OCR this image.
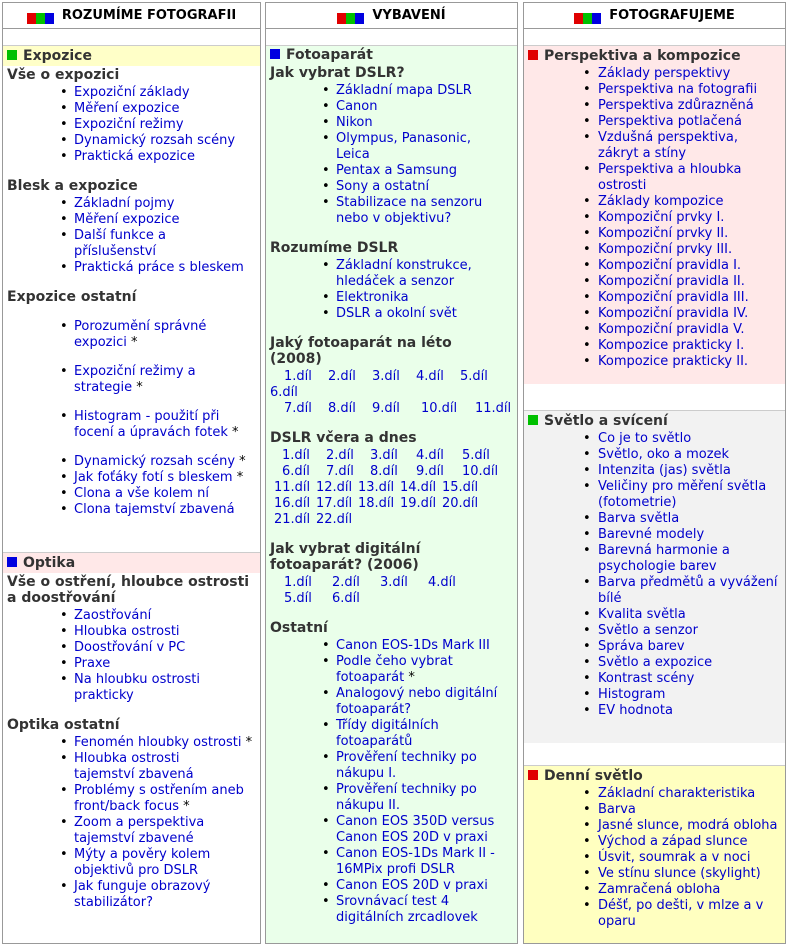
ROZUMÍME FOTOGRAFII
Expozice
Vše o expozici
• Expoziční základy
• Měření expozice
• Expoziční režimy
• Dynamický rozsah scény
• Praktická expozice
Blesk a expozice
• Základní pojmy
• Měření expozice
• Další funkce a příslušenství
• Praktická práce s bleskem
Expozice ostatní
• Porozumění správné expozici *
• Expoziční režimy a strategie *
• Histogram - použití při focení a úpravách fotek *
• Dynamický rozsah scény *
• Jak foťáky fotí s bleskem *
• Clona a vše kolem ní
• Clona tajemství zbavená
Optika
Vše o ostření, hloubce ostrosti a doostřování
• Zaostřování
• Hloubka ostrosti
• Doostřování v PC
• Praxe
• Na hloubku ostrosti prakticky
Optika ostatní
• Fenomén hloubky ostrosti *
• Hloubka ostrosti tajemství zbavená
• Problémy s ostřením aneb front/back focus *
• Zoom a perspektiva tajemství zbavené
• Mýty a pověry kolem objektivů pro DSLR
• Jak funguje obrazový stabilizátor?
VYBAVENÍ
Fotoaparát
Jak vybrat DSLR?
• Základní mapa DSLR
• Canon
• Nikon
• Olympus, Panasonic, Leica
• Pentax a Samsung
• Sony a ostatní
• Stabilizace na senzoru nebo v objektivu?
Rozumíme DSLR
• Základní konstrukce, hledáček a senzor
• Elektronika
• DSLR a okolní svět
Jaký fotoaparát na léto (2008)
1.díl 2.díl 3.díl 4.díl 5.díl
6.díl
7.díl 8.díl 9.díl 10.díl 11.díl
DSLR včera a dnes
1.díl 2.díl 3.díl 4.díl 5.díl
6.díl 7.díl 8.díl 9.díl 10.díl
11.díl 12.díl 13.díl 14.díl 15.díl
16.díl 17.díl 18.díl 19.díl 20.díl
21.díl 22.díl
Jak vybrat digitální fotoaparát? (2006)
1.díl 2.díl 3.díl 4.díl
5.díl 6.díl
Ostatní
• Canon EOS-1Ds Mark III
• Podle čeho vybrat fotoaparát *
• Analogový nebo digitální fotoaparát?
• Třídy digitálních fotoaparátů
• Prověření techniky po nákupu I.
• Prověření techniky po nákupu II.
• Canon EOS 350D versus Canon EOS 20D v praxi
• Canon EOS-1Ds Mark II - 16MPix profi DSLR
• Canon EOS 20D v praxi
• Srovnávací test 4 digitálních zrcadlovek
FOTOGRAFUJEME
Perspektiva a kompozice
• Základy perspektivy
• Perspektiva na fotografii
• Perspektiva zdůrazněná
• Perspektiva potlačená
• Vzdušná perspektiva, zákryt a stíny
• Perspektiva a hloubka ostrosti
• Základy kompozice
• Kompoziční prvky I.
• Kompoziční prvky II.
• Kompoziční prvky III.
• Kompoziční pravidla I.
• Kompoziční pravidla II.
• Kompoziční pravidla III.
• Kompoziční pravidla IV.
• Kompoziční pravidla V.
• Kompozice prakticky I.
• Kompozice prakticky II.
Světlo a svícení
• Co je to světlo
• Světlo, oko a mozek
• Intenzita (jas) světla
• Veličiny pro měření světla (fotometrie)
• Barva světla
• Barevné modely
• Barevná harmonie a psychologie barev
• Barva předmětů a vyvážení bílé
• Kvalita světla
• Světlo a senzor
• Správa barev
• Světlo a expozice
• Kontrast scény
• Histogram
• EV hodnota
Denní světlo
• Základní charakteristika
• Barva
• Jasné slunce, modrá obloha
• Východ a západ slunce
• Úsvit, soumrak a v noci
• Ve stínu slunce (skylight)
• Zamračená obloha
• Déšť, po dešti, v mlze a v oparu
